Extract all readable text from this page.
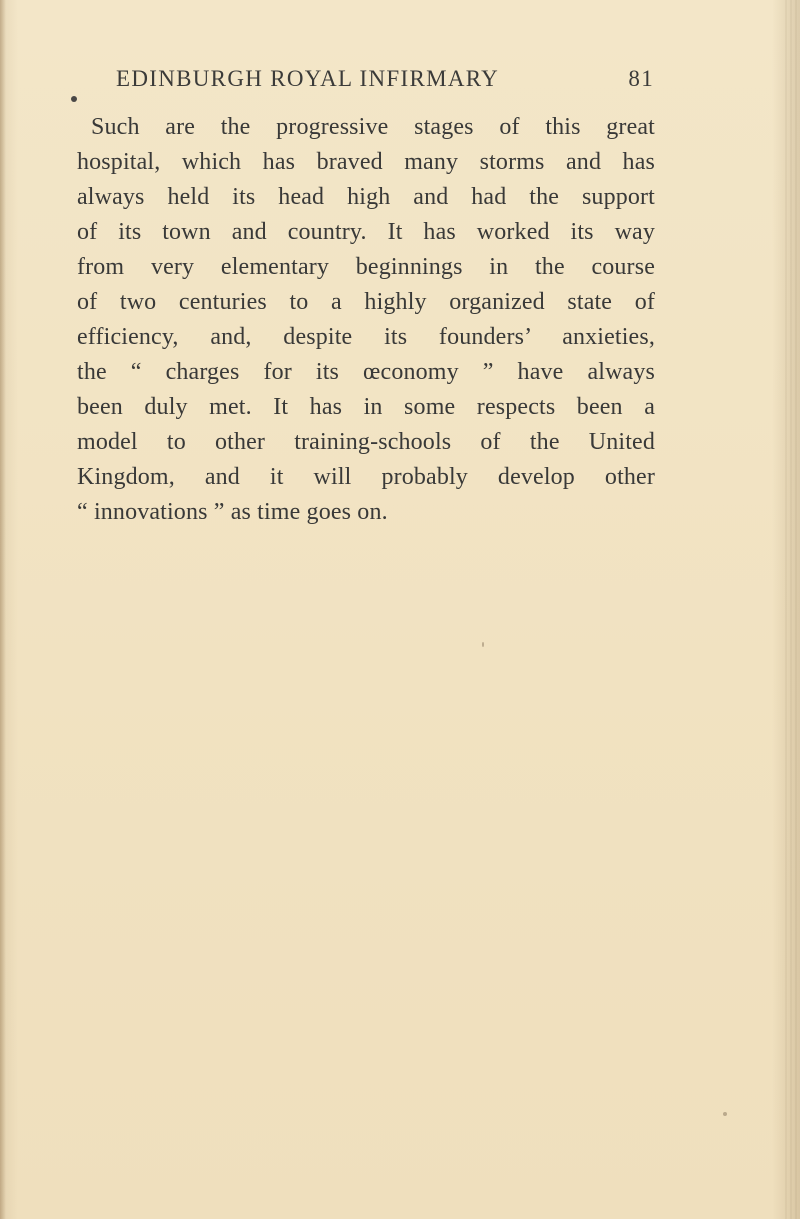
EDINBURGH ROYAL INFIRMARY	81
Such are the progressive stages of this great
hospital, which has braved many storms and has
always held its head high and had the support
of its town and country. It has worked its way
from very elementary beginnings in the course
of two centuries to a highly organized state of
efficiency, and, despite its founders’ anxieties,
the “ charges for its œconomy ” have always
been duly met. It has in some respects been a
model to other training-schools of the United
Kingdom, and it will probably develop other
“ innovations ” as time goes on.
